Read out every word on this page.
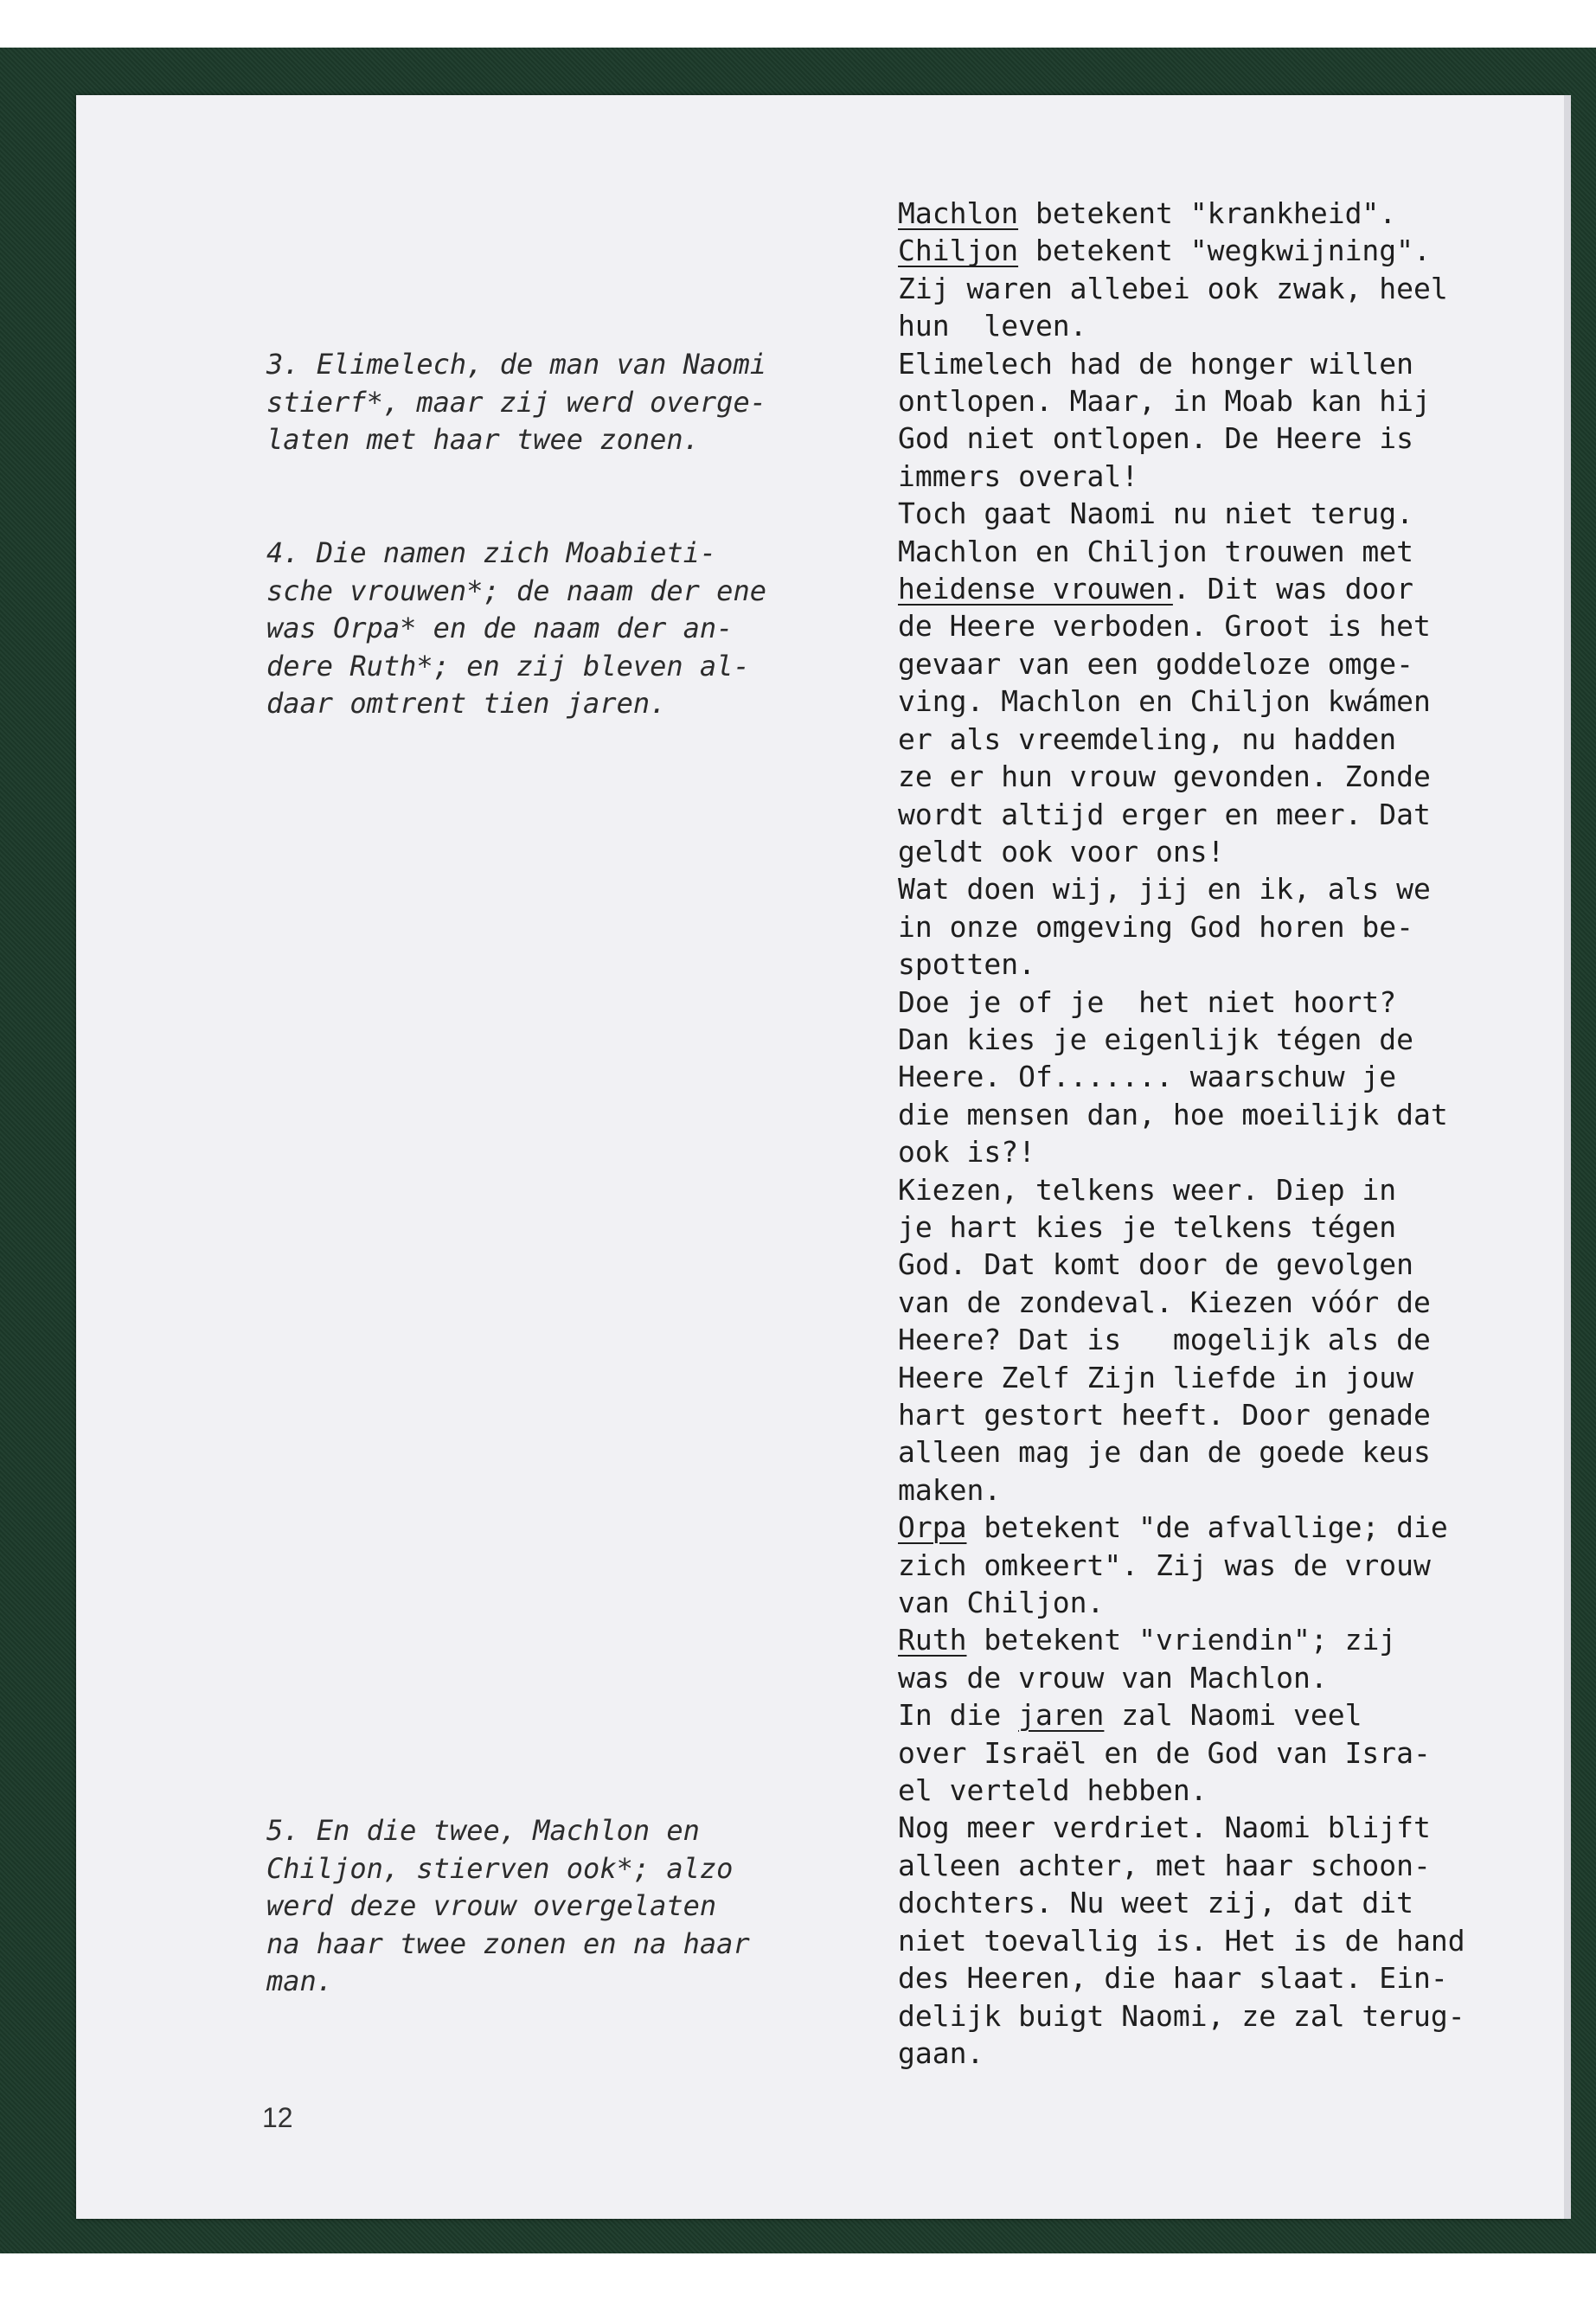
3. Elimelech, de man van Naomi
stierf*, maar zij werd overge-
laten met haar twee zonen.
4. Die namen zich Moabieti-
sche vrouwen*; de naam der ene
was Orpa* en de naam der an-
dere Ruth*; en zij bleven al-
daar omtrent tien jaren.
5. En die twee, Machlon en
Chiljon, stierven ook*; alzo
werd deze vrouw overgelaten
na haar twee zonen en na haar
man.
Machlon betekent "krankheid".
Chiljon betekent "wegkwijning".
Zij waren allebei ook zwak, heel
hun  leven.
Elimelech had de honger willen
ontlopen. Maar, in Moab kan hij
God niet ontlopen. De Heere is
immers overal!
Toch gaat Naomi nu niet terug.
Machlon en Chiljon trouwen met
heidense vrouwen. Dit was door
de Heere verboden. Groot is het
gevaar van een goddeloze omge-
ving. Machlon en Chiljon kwámen
er als vreemdeling, nu hadden
ze er hun vrouw gevonden. Zonde
wordt altijd erger en meer. Dat
geldt ook voor ons!
Wat doen wij, jij en ik, als we
in onze omgeving God horen be-
spotten.
Doe je of je  het niet hoort?
Dan kies je eigenlijk tégen de
Heere. Of....... waarschuw je
die mensen dan, hoe moeilijk dat
ook is?!
Kiezen, telkens weer. Diep in
je hart kies je telkens tégen
God. Dat komt door de gevolgen
van de zondeval. Kiezen vóór de
Heere? Dat is   mogelijk als de
Heere Zelf Zijn liefde in jouw
hart gestort heeft. Door genade
alleen mag je dan de goede keus
maken.
Orpa betekent "de afvallige; die
zich omkeert". Zij was de vrouw
van Chiljon.
Ruth betekent "vriendin"; zij
was de vrouw van Machlon.
In die jaren zal Naomi veel
over Israël en de God van Isra-
el verteld hebben.
Nog meer verdriet. Naomi blijft
alleen achter, met haar schoon-
dochters. Nu weet zij, dat dit
niet toevallig is. Het is de hand
des Heeren, die haar slaat. Ein-
delijk buigt Naomi, ze zal terug-
gaan.
12
